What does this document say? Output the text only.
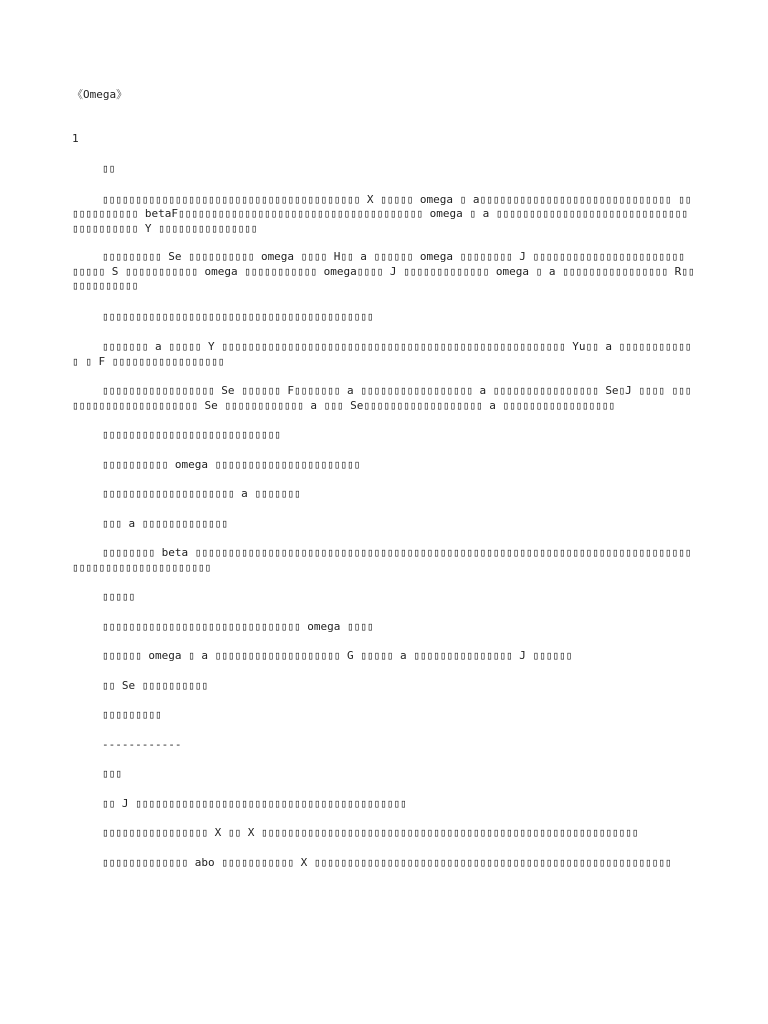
《Omega》
1

▯▯

▯▯▯▯▯▯▯▯▯▯▯▯▯▯▯▯▯▯▯▯▯▯▯▯▯▯▯▯▯▯▯▯▯▯▯▯▯▯▯ X ▯▯▯▯▯ omega ▯ a▯▯▯▯▯▯▯▯▯▯▯▯▯▯▯▯▯▯▯▯▯▯▯▯▯▯▯▯▯ ▯▯▯▯▯▯▯▯▯▯▯▯ betaF▯▯▯▯▯▯▯▯▯▯▯▯▯▯▯▯▯▯▯▯▯▯▯▯▯▯▯▯▯▯▯▯▯▯▯▯▯ omega ▯ a ▯▯▯▯▯▯▯▯▯▯▯▯▯▯▯▯▯▯▯▯▯▯▯▯▯▯▯▯▯ ▯▯▯▯▯▯▯▯▯▯ Y ▯▯▯▯▯▯▯▯▯▯▯▯▯▯▯

▯▯▯▯▯▯▯▯▯ Se ▯▯▯▯▯▯▯▯▯▯ omega ▯▯▯▯ H▯▯ a ▯▯▯▯▯▯ omega ▯▯▯▯▯▯▯▯ J ▯▯▯▯▯▯▯▯▯▯▯▯▯▯▯▯▯▯▯▯▯▯▯ ▯▯▯▯▯ S ▯▯▯▯▯▯▯▯▯▯▯ omega ▯▯▯▯▯▯▯▯▯▯▯ omega▯▯▯▯ J ▯▯▯▯▯▯▯▯▯▯▯▯▯ omega ▯ a ▯▯▯▯▯▯▯▯▯▯▯▯▯▯▯▯ R▯▯▯▯▯▯▯▯▯▯▯▯

▯▯▯▯▯▯▯▯▯▯▯▯▯▯▯▯▯▯▯▯▯▯▯▯▯▯▯▯▯▯▯▯▯▯▯▯▯▯▯▯▯

▯▯▯▯▯▯▯ a ▯▯▯▯▯ Y ▯▯▯▯▯▯▯▯▯▯▯▯▯▯▯▯▯▯▯▯▯▯▯▯▯▯▯▯▯▯▯▯▯▯▯▯▯▯▯▯▯▯▯▯▯▯▯▯▯▯▯▯ Yu▯▯ a ▯▯▯▯▯▯▯▯▯▯▯▯ ▯ F ▯▯▯▯▯▯▯▯▯▯▯▯▯▯▯▯▯

▯▯▯▯▯▯▯▯▯▯▯▯▯▯▯▯▯ Se ▯▯▯▯▯▯ F▯▯▯▯▯▯▯ a ▯▯▯▯▯▯▯▯▯▯▯▯▯▯▯▯▯ a ▯▯▯▯▯▯▯▯▯▯▯▯▯▯▯▯ Se▯J ▯▯▯▯ ▯▯▯▯▯▯▯▯▯▯▯▯▯▯▯▯▯▯▯▯▯▯ Se ▯▯▯▯▯▯▯▯▯▯▯▯ a ▯▯▯ Se▯▯▯▯▯▯▯▯▯▯▯▯▯▯▯▯▯▯ a ▯▯▯▯▯▯▯▯▯▯▯▯▯▯▯▯▯

▯▯▯▯▯▯▯▯▯▯▯▯▯▯▯▯▯▯▯▯▯▯▯▯▯▯▯

▯▯▯▯▯▯▯▯▯▯ omega ▯▯▯▯▯▯▯▯▯▯▯▯▯▯▯▯▯▯▯▯▯▯

▯▯▯▯▯▯▯▯▯▯▯▯▯▯▯▯▯▯▯▯ a ▯▯▯▯▯▯▯

▯▯▯ a ▯▯▯▯▯▯▯▯▯▯▯▯▯

▯▯▯▯▯▯▯▯ beta ▯▯▯▯▯▯▯▯▯▯▯▯▯▯▯▯▯▯▯▯▯▯▯▯▯▯▯▯▯▯▯▯▯▯▯▯▯▯▯▯▯▯▯▯▯▯▯▯▯▯▯▯▯▯▯▯▯▯▯▯▯▯▯▯▯▯▯▯▯▯▯▯▯▯▯▯▯▯▯▯▯▯▯▯▯▯▯▯▯▯▯▯▯▯▯▯

▯▯▯▯▯

▯▯▯▯▯▯▯▯▯▯▯▯▯▯▯▯▯▯▯▯▯▯▯▯▯▯▯▯▯▯ omega ▯▯▯▯

▯▯▯▯▯▯ omega ▯ a ▯▯▯▯▯▯▯▯▯▯▯▯▯▯▯▯▯▯▯ G ▯▯▯▯▯ a ▯▯▯▯▯▯▯▯▯▯▯▯▯▯▯ J ▯▯▯▯▯▯

▯▯ Se ▯▯▯▯▯▯▯▯▯▯

▯▯▯▯▯▯▯▯▯

------------

▯▯▯

▯▯ J ▯▯▯▯▯▯▯▯▯▯▯▯▯▯▯▯▯▯▯▯▯▯▯▯▯▯▯▯▯▯▯▯▯▯▯▯▯▯▯▯▯

▯▯▯▯▯▯▯▯▯▯▯▯▯▯▯▯ X ▯▯ X ▯▯▯▯▯▯▯▯▯▯▯▯▯▯▯▯▯▯▯▯▯▯▯▯▯▯▯▯▯▯▯▯▯▯▯▯▯▯▯▯▯▯▯▯▯▯▯▯▯▯▯▯▯▯▯▯▯

▯▯▯▯▯▯▯▯▯▯▯▯▯ abo ▯▯▯▯▯▯▯▯▯▯▯ X ▯▯▯▯▯▯▯▯▯▯▯▯▯▯▯▯▯▯▯▯▯▯▯▯▯▯▯▯▯▯▯▯▯▯▯▯▯▯▯▯▯▯▯▯▯▯▯▯▯▯▯▯▯▯
